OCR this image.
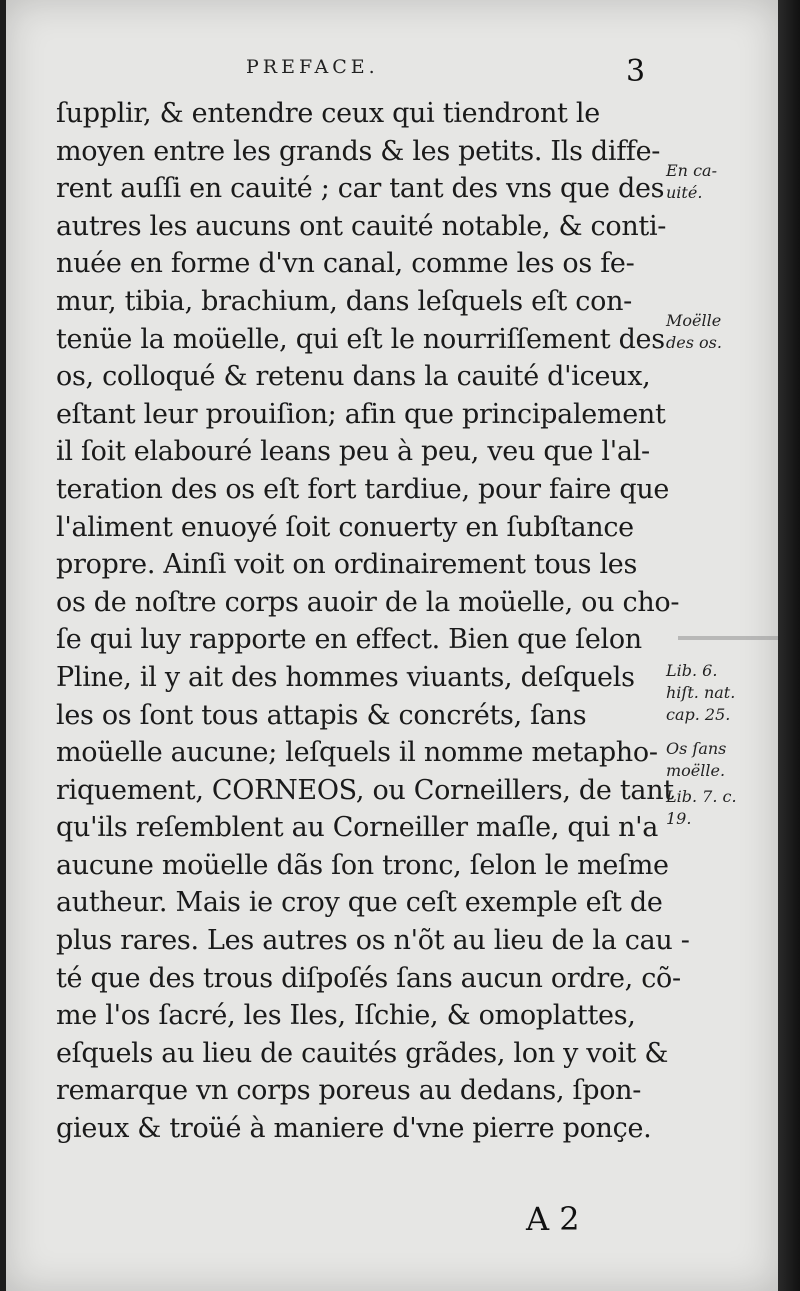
PREFACE.	3
ſupplir, & entendre ceux qui tiendront le
moyen entre les grands & les petits. Ils diffe-
rent auſſi en cauité ; car tant des vns que des
autres les aucuns ont cauité notable, & conti-
nuée en forme d'vn canal, comme les os fe-
mur, tibia, brachium, dans leſquels eſt con-
tenüe la moüelle, qui eſt le nourriſſement des
os, colloqué & retenu dans la cauité d'iceux,
eſtant leur prouiſion; afin que principalement
il ſoit elabouré leans peu à peu, veu que l'al-
teration des os eſt fort tardiue, pour faire que
l'aliment enuoyé ſoit conuerty en ſubſtance
propre. Ainſi voit on ordinairement tous les
os de noſtre corps auoir de la moüelle, ou cho-
ſe qui luy rapporte en effect. Bien que ſelon
Pline, il y ait des hommes viuants, deſquels
les os ſont tous attapis & concréts, ſans
moüelle aucune; leſquels il nomme metapho-
riquement, CORNEOS, ou Corneillers, de tant
qu'ils reſemblent au Corneiller maſle, qui n'a
aucune moüelle dãs ſon tronc, ſelon le meſme
autheur. Mais ie croy que ceſt exemple eſt de
plus rares. Les autres os n'õt au lieu de la cau -
té que des trous diſpoſés ſans aucun ordre, cõ-
me l'os ſacré, les Iles, Iſchie, & omoplattes,
eſquels au lieu de cauités grãdes, lon y voit &
remarque vn corps poreus au dedans, ſpon-
gieux & troüé à maniere d'vne pierre ponçe.
En ca-
uité.
Moëlle
des os.
Lib. 6.
hiſt. nat.
cap. 25.
Os ſans
moëlle.
Lib. 7. c.
19.
A 2
